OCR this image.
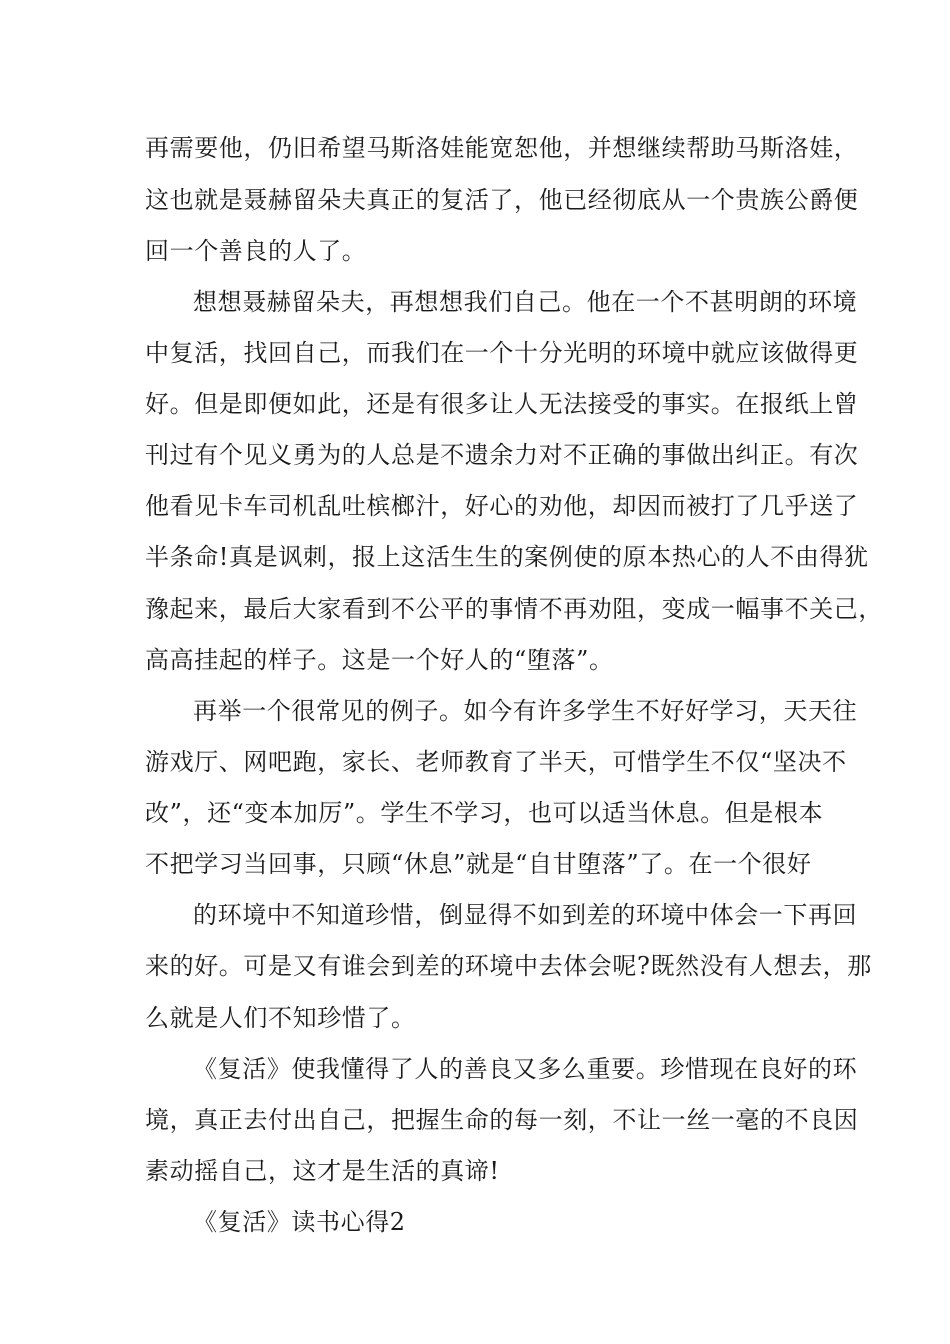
再需要他，仍旧希望马斯洛娃能宽恕他，并想继续帮助马斯洛娃，
这也就是聂赫留朵夫真正的复活了，他已经彻底从一个贵族公爵便
回一个善良的人了。
想想聂赫留朵夫，再想想我们自己。他在一个不甚明朗的环境
中复活，找回自己，而我们在一个十分光明的环境中就应该做得更
好。但是即便如此，还是有很多让人无法接受的事实。在报纸上曾
刊过有个见义勇为的人总是不遗余力对不正确的事做出纠正。有次
他看见卡车司机乱吐槟榔汁，好心的劝他，却因而被打了几乎送了
半条命!真是讽刺，报上这活生生的案例使的原本热心的人不由得犹
豫起来，最后大家看到不公平的事情不再劝阻，变成一幅事不关己，
高高挂起的样子。这是一个好人的“堕落”。
再举一个很常见的例子。如今有许多学生不好好学习，天天往
游戏厅、网吧跑，家长、老师教育了半天，可惜学生不仅“坚决不
改”，还“变本加厉”。学生不学习，也可以适当休息。但是根本
不把学习当回事，只顾“休息”就是“自甘堕落”了。在一个很好
的环境中不知道珍惜，倒显得不如到差的环境中体会一下再回
来的好。可是又有谁会到差的环境中去体会呢?既然没有人想去，那
么就是人们不知珍惜了。
《复活》使我懂得了人的善良又多么重要。珍惜现在良好的环
境，真正去付出自己，把握生命的每一刻，不让一丝一毫的不良因
素动摇自己，这才是生活的真谛!
《复活》读书心得2
